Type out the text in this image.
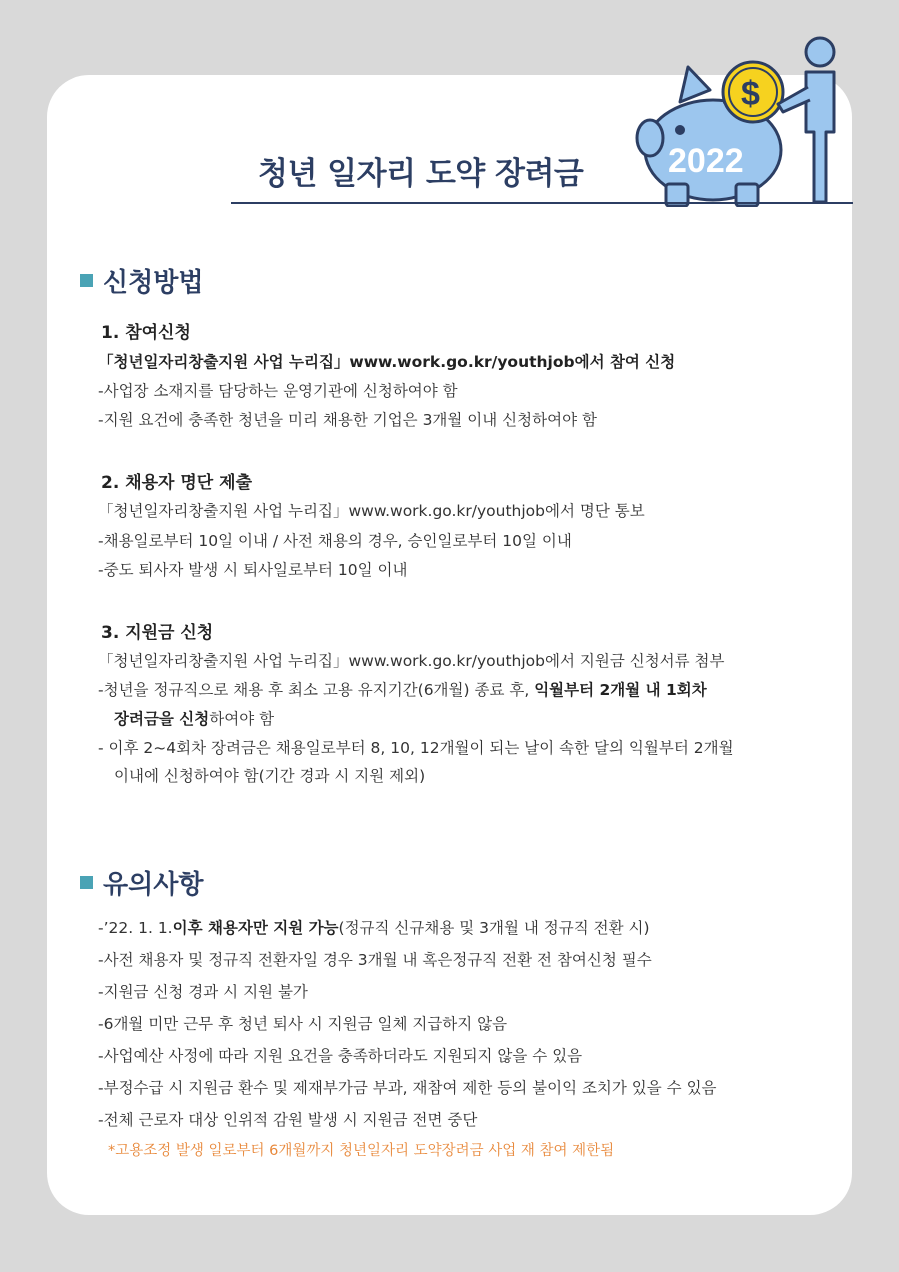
2022
$
청년 일자리 도약 장려금
신청방법
1. 참여신청
「청년일자리창출지원 사업 누리집」www.work.go.kr/youthjob에서 참여 신청
-사업장 소재지를 담당하는 운영기관에 신청하여야 함
-지원 요건에 충족한 청년을 미리 채용한 기업은 3개월 이내 신청하여야 함
2. 채용자 명단 제출
「청년일자리창출지원 사업 누리집」www.work.go.kr/youthjob에서 명단 통보
-채용일로부터 10일 이내 / 사전 채용의 경우, 승인일로부터 10일 이내
-중도 퇴사자 발생 시 퇴사일로부터 10일 이내
3. 지원금 신청
「청년일자리창출지원 사업 누리집」www.work.go.kr/youthjob에서 지원금 신청서류 첨부
-청년을 정규직으로 채용 후 최소 고용 유지기간(6개월) 종료 후, 익월부터 2개월 내 1회차
장려금을 신청하여야 함
- 이후 2~4회차 장려금은 채용일로부터 8, 10, 12개월이 되는 날이 속한 달의 익월부터 2개월
이내에 신청하여야 함(기간 경과 시 지원 제외)
유의사항
-’22. 1. 1.이후 채용자만 지원 가능(정규직 신규채용 및 3개월 내 정규직 전환 시)
-사전 채용자 및 정규직 전환자일 경우 3개월 내 혹은정규직 전환 전 참여신청 필수
-지원금 신청 경과 시 지원 불가
-6개월 미만 근무 후 청년 퇴사 시 지원금 일체 지급하지 않음
-사업예산 사정에 따라 지원 요건을 충족하더라도 지원되지 않을 수 있음
-부정수급 시 지원금 환수 및 제재부가금 부과, 재참여 제한 등의 불이익 조치가 있을 수 있음
-전체 근로자 대상 인위적 감원 발생 시 지원금 전면 중단
*고용조정 발생 일로부터 6개월까지 청년일자리 도약장려금 사업 재 참여 제한됨
